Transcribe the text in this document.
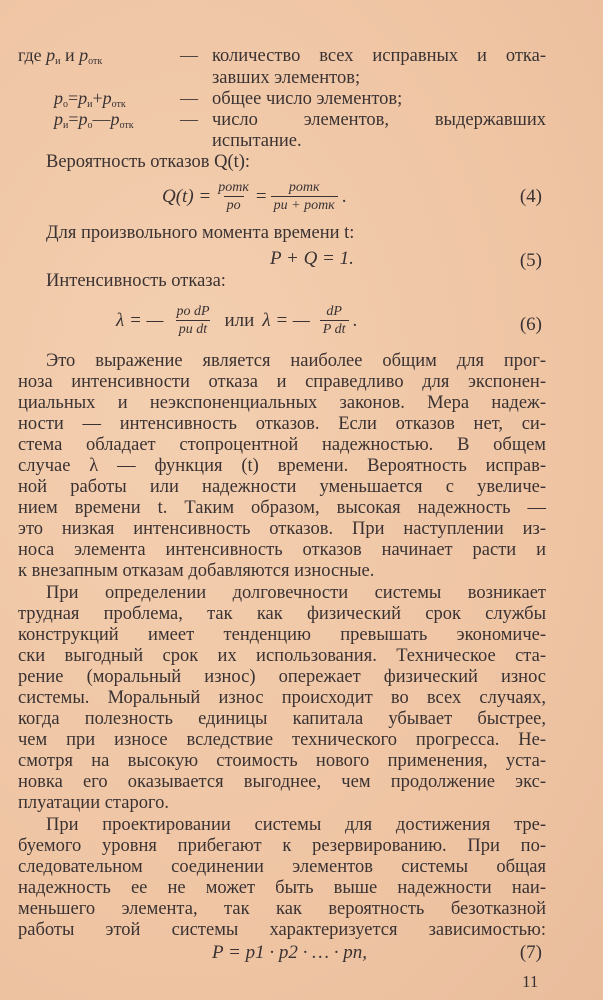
где $p_и$ и $p_{отк}$	— количество всех исправных и отка-
завших элементов;
$p_о=p_и+p_{отк}$	— общее число элементов;
$p_и=p_о—p_{отк}$	— число элементов, выдержавших
испытание.
Вероятность отказов Q(t):
$Q(t) = \frac{\text{pотк}}{pо} = \frac{\text{pотк}}{\text{pи + pотк}}$ .	(4)
Для произвольного момента времени t:
P + Q = 1.	(5)
Интенсивность отказа:
λ = — $\frac{\text{pо dP}}{\text{pи dt}}$ или λ = — $\frac{dP}{\text{P dt}}$ .	(6)
Это выражение является наиболее общим для прог-
ноза интенсивности отказа и справедливо для экспонен-
циальных и неэкспоненциальных законов. Мера надеж-
ности — интенсивность отказов. Если отказов нет, си-
стема обладает стопроцентной надежностью. В общем
случае λ — функция (t) времени. Вероятность исправ-
ной работы или надежности уменьшается с увеличе-
нием времени t. Таким образом, высокая надежность —
это низкая интенсивность отказов. При наступлении из-
носа элемента интенсивность отказов начинает расти и
к внезапным отказам добавляются износные.
При определении долговечности системы возникает
трудная проблема, так как физический срок службы
конструкций имеет тенденцию превышать экономиче-
ски выгодный срок их использования. Техническое ста-
рение (моральный износ) опережает физический износ
системы. Моральный износ происходит во всех случаях,
когда полезность единицы капитала убывает быстрее,
чем при износе вследствие технического прогресса. Не-
смотря на высокую стоимость нового применения, уста-
новка его оказывается выгоднее, чем продолжение экс-
плуатации старого.
При проектировании системы для достижения тре-
буемого уровня прибегают к резервированию. При по-
следовательном соединении элементов системы общая
надежность ее не может быть выше надежности наи-
меньшего элемента, так как вероятность безотказной
работы этой системы характеризуется зависимостью:
P = p1 · p2 · … · pn,	(7)
11
